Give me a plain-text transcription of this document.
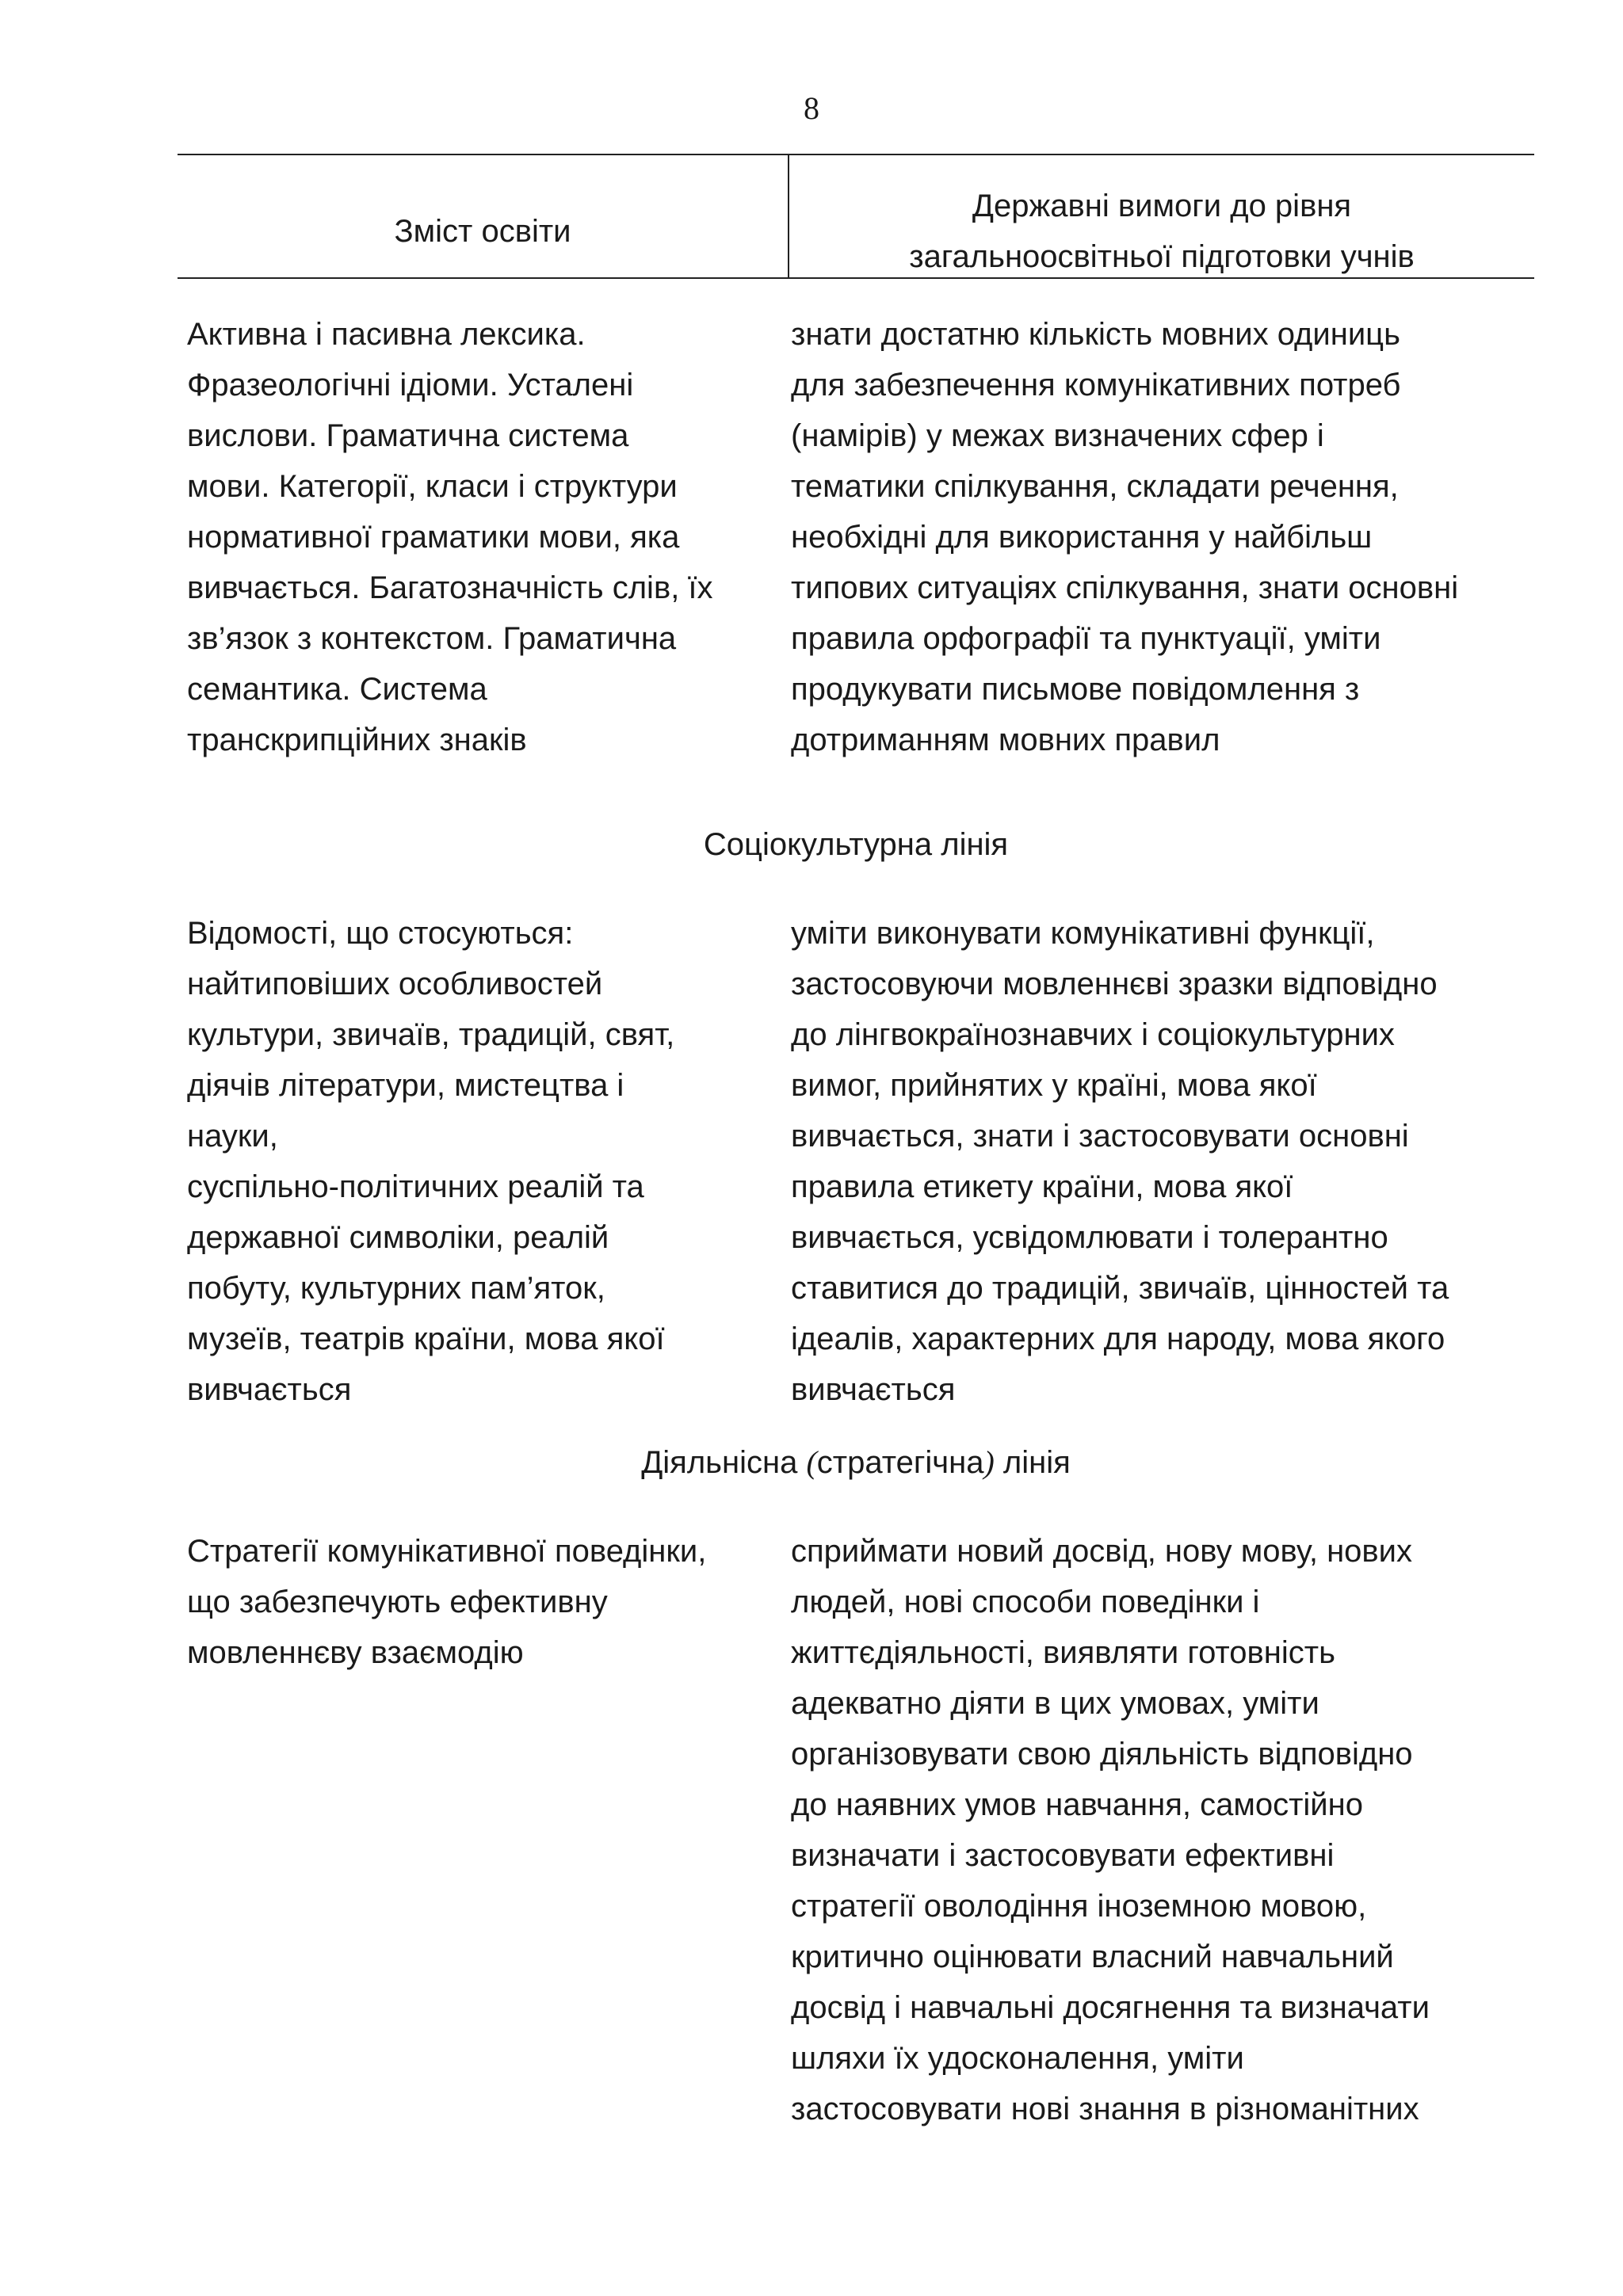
8
Зміст освіти
Державні вимоги до рівня
загальноосвітньої підготовки учнів
Активна і пасивна лексика.
Фразеологічні ідіоми. Усталені
вислови. Граматична система
мови. Категорії, класи і структури
нормативної граматики мови, яка
вивчається. Багатозначність слів, їх
зв’язок з контекстом. Граматична
семантика. Система
транскрипційних знаків
знати достатню кількість мовних одиниць
для забезпечення комунікативних потреб
(намірів) у межах визначених сфер і
тематики спілкування, складати речення,
необхідні для використання у найбільш
типових ситуаціях спілкування, знати основні
правила орфографії та пунктуації, уміти
продукувати письмове повідомлення з
дотриманням мовних правил
Соціокультурна лінія
Відомості, що стосуються:
найтиповіших особливостей
культури, звичаїв, традицій, свят,
діячів літератури, мистецтва і
науки,
суспільно-політичних реалій та
державної символіки, реалій
побуту, культурних пам’яток,
музеїв, театрів країни, мова якої
вивчається
уміти виконувати комунікативні функції,
застосовуючи мовленнєві зразки відповідно
до лінгвокраїнознавчих і соціокультурних
вимог, прийнятих у країні, мова якої
вивчається, знати і застосовувати основні
правила етикету країни, мова якої
вивчається, усвідомлювати і толерантно
ставитися до традицій, звичаїв, цінностей та
ідеалів, характерних для народу, мова якого
вивчається
Діяльнісна (стратегічна) лінія
Стратегії комунікативної поведінки,
що забезпечують ефективну
мовленнєву взаємодію
сприймати новий досвід, нову мову, нових
людей, нові способи поведінки і
життєдіяльності, виявляти готовність
адекватно діяти в цих умовах, уміти
організовувати свою діяльність відповідно
до наявних умов навчання, самостійно
визначати і застосовувати ефективні
стратегії оволодіння іноземною мовою,
критично оцінювати власний навчальний
досвід і навчальні досягнення та визначати
шляхи їх удосконалення, уміти
застосовувати нові знання в різноманітних
